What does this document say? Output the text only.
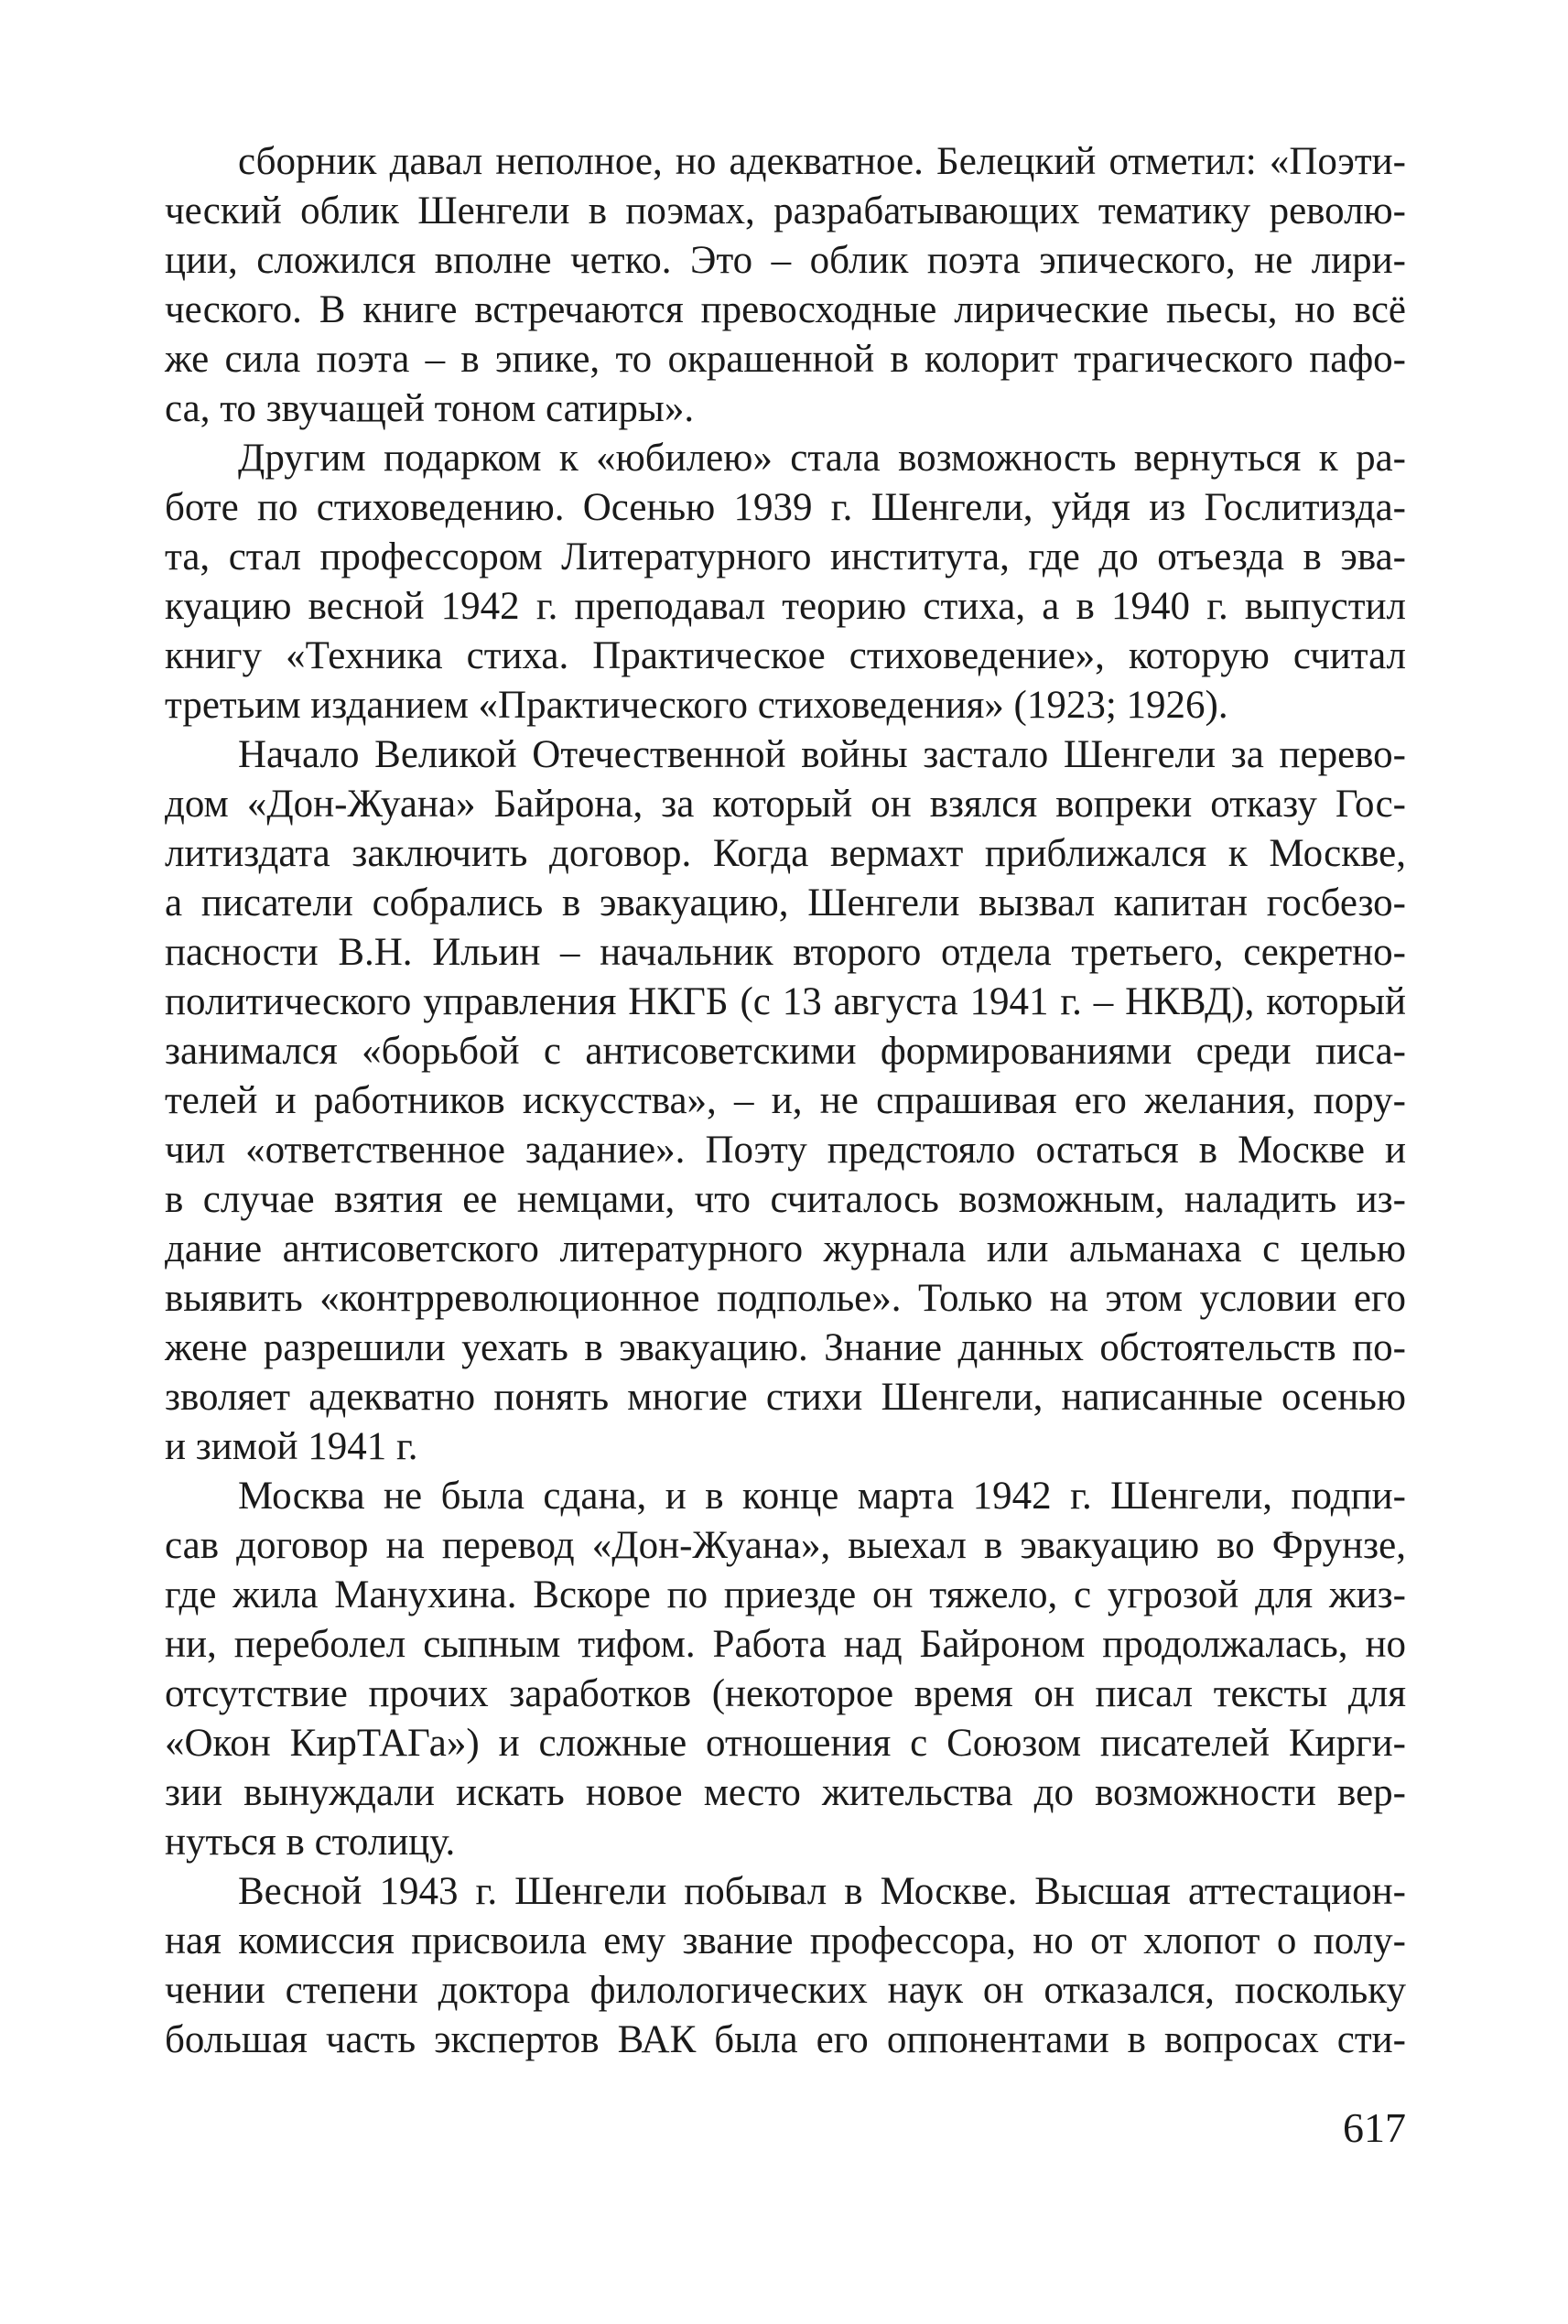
сборник давал неполное, но адекватное. Белецкий отметил: «Поэти-
ческий облик Шенгели в поэмах, разрабатывающих тематику револю-
ции, сложился вполне четко. Это – облик поэта эпического, не лири-
ческого. В книге встречаются превосходные лирические пьесы, но всё
же сила поэта – в эпике, то окрашенной в колорит трагического пафо-
са, то звучащей тоном сатиры».
Другим подарком к «юбилею» стала возможность вернуться к ра-
боте по стиховедению. Осенью 1939 г. Шенгели, уйдя из Гослитизда-
та, стал профессором Литературного института, где до отъезда в эва-
куацию весной 1942 г. преподавал теорию стиха, а в 1940 г. выпустил
книгу «Техника стиха. Практическое стиховедение», которую считал
третьим изданием «Практического стиховедения» (1923; 1926).
Начало Великой Отечественной войны застало Шенгели за перево-
дом «Дон-Жуана» Байрона, за который он взялся вопреки отказу Гос-
литиздата заключить договор. Когда вермахт приближался к Москве,
а писатели собрались в эвакуацию, Шенгели вызвал капитан госбезо-
пасности В.Н. Ильин – начальник второго отдела третьего, секретно-
политического управления НКГБ (с 13 августа 1941 г. – НКВД), который
занимался «борьбой с антисоветскими формированиями среди писа-
телей и работников искусства», – и, не спрашивая его желания, пору-
чил «ответственное задание». Поэту предстояло остаться в Москве и
в случае взятия ее немцами, что считалось возможным, наладить из-
дание антисоветского литературного журнала или альманаха с целью
выявить «контрреволюционное подполье». Только на этом условии его
жене разрешили уехать в эвакуацию. Знание данных обстоятельств по-
зволяет адекватно понять многие стихи Шенгели, написанные осенью
и зимой 1941 г.
Москва не была сдана, и в конце марта 1942 г. Шенгели, подпи-
сав договор на перевод «Дон-Жуана», выехал в эвакуацию во Фрунзе,
где жила Манухина. Вскоре по приезде он тяжело, с угрозой для жиз-
ни, переболел сыпным тифом. Работа над Байроном продолжалась, но
отсутствие прочих заработков (некоторое время он писал тексты для
«Окон КирТАГа») и сложные отношения с Союзом писателей Кирги-
зии вынуждали искать новое место жительства до возможности вер-
нуться в столицу.
Весной 1943 г. Шенгели побывал в Москве. Высшая аттестацион-
ная комиссия присвоила ему звание профессора, но от хлопот о полу-
чении степени доктора филологических наук он отказался, поскольку
большая часть экспертов ВАК была его оппонентами в вопросах сти-
617
